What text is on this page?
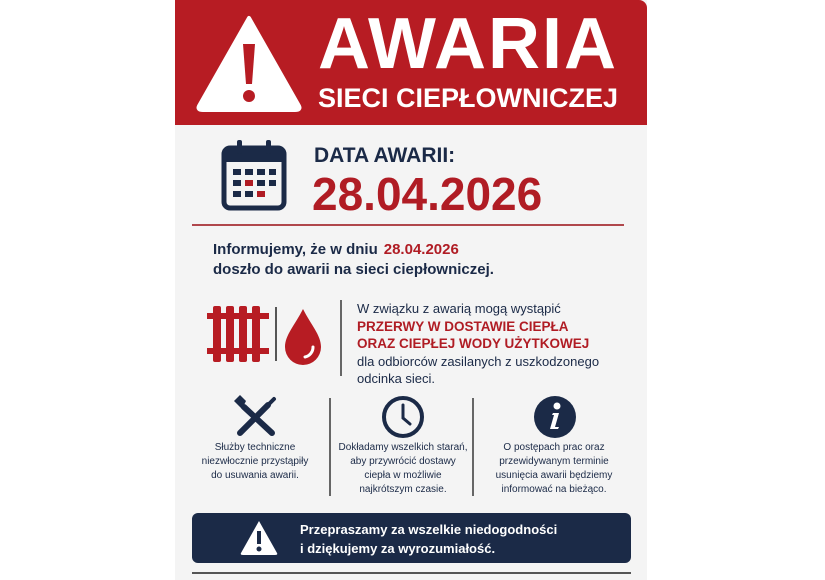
AWARIA
SIECI CIEPŁOWNICZEJ
DATA AWARII:
28.04.2026
Informujemy, że w dniu 28.04.2026
doszło do awarii na sieci ciepłowniczej.
W związku z awarią mogą wystąpić
PRZERWY W DOSTAWIE CIEPŁA
ORAZ CIEPŁEJ WODY UŻYTKOWEJ
dla odbiorców zasilanych z uszkodzonego
odcinka sieci.
Służby techniczne
niezwłocznie przystąpiły
do usuwania awarii.
Dokładamy wszelkich starań,
aby przywrócić dostawy
ciepła w możliwie
najkrótszym czasie.
O postępach prac oraz
przewidywanym terminie
usunięcia awarii będziemy
informować na bieżąco.
Przepraszamy za wszelkie niedogodności
i dziękujemy za wyrozumiałość.
